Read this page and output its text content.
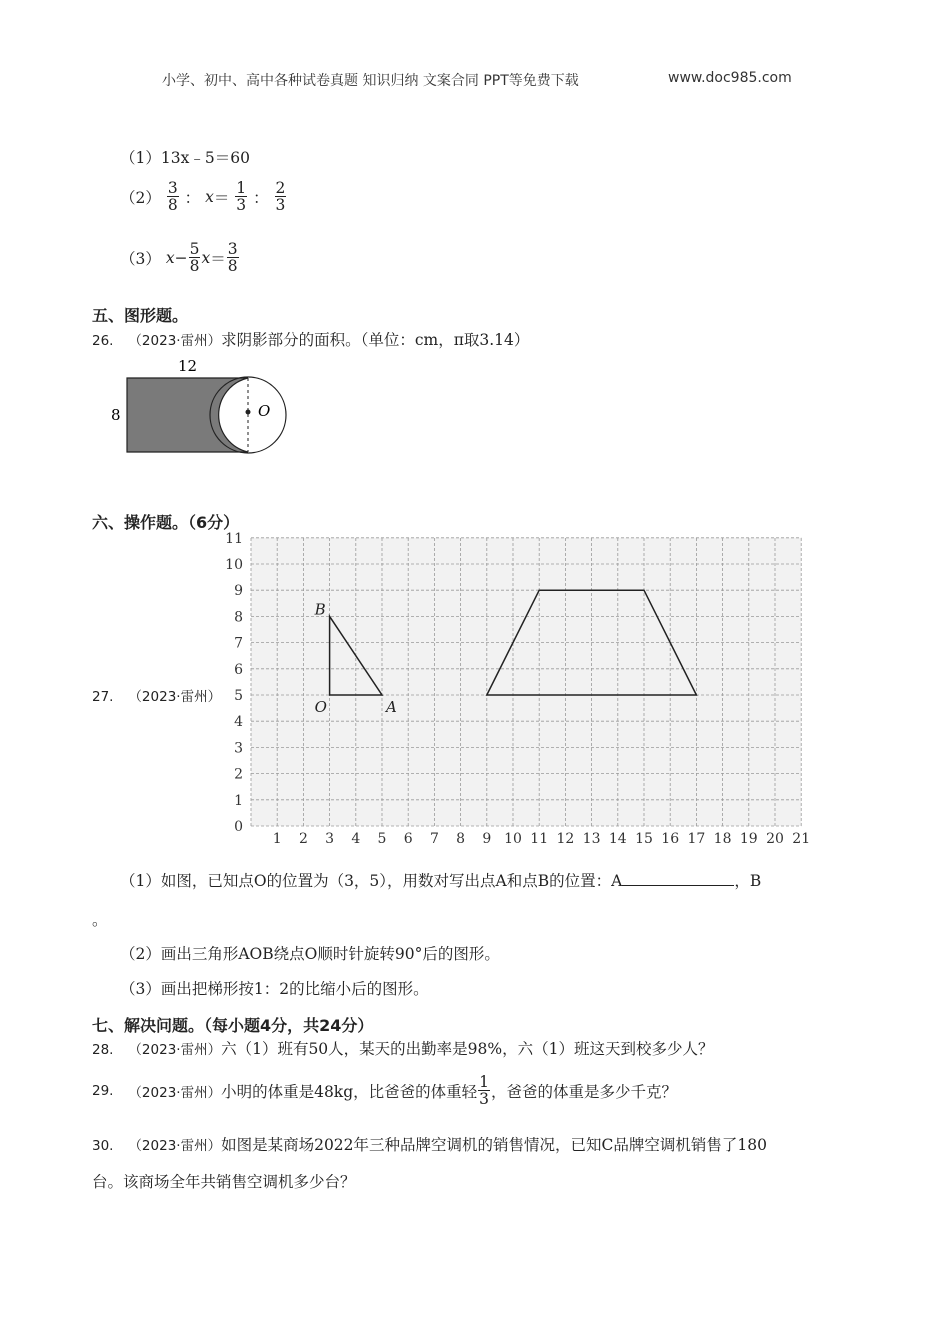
小学、初中、高中各种试卷真题 知识归纳 文案合同 PPT等免费下载	www.doc985.com
（1）13x﹣5＝60
$(2) \frac{3}{8}$ ： $x= \frac{1}{3}$ ： $\frac{2}{3}$
（3） $x- \frac{5}{8} x= \frac{3}{8}$
五、图形题。
26. （2023·雷州）求阴影部分的面积。（单位：cm，π取3.14）
O
12
8
六、操作题。（6分）
27. （2023·雷州）
1 2 3 4 5 6 7 8 9 10 11 12 13 14 15 16 17 18 19 20 21
0
1
2
3
4
5
6
7
8
9
10
11
O	A
B
（1）如图，已知点O的位置为（3，5），用数对写出点A和点B的位置：A	，B
。
（2）画出三角形AOB绕点O顺时针旋转90°后的图形。
（3）画出把梯形按1：2的比缩小后的图形。
七、解决问题。（每小题4分，共24分）
28. （2023·雷州）六（1）班有50人，某天的出勤率是98%，六（1）班这天到校多少人？
29. （2023·雷州）小明的体重是48kg，比爸爸的体重轻 $\frac{1}{3}$ ，爸爸的体重是多少千克？
30. （2023·雷州）如图是某商场2022年三种品牌空调机的销售情况，已知C品牌空调机销售了180
台。该商场全年共销售空调机多少台？
